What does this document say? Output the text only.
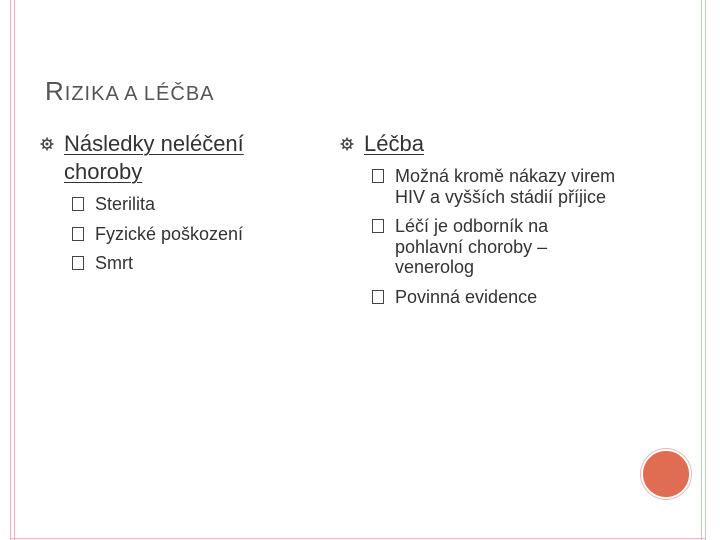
RIZIKA A LÉČBA
Následky neléčení choroby
Sterilita
Fyzické poškození
Smrt
Léčba
Možná kromě nákazy virem HIV a vyšších stádií příjice
Léčí je odborník na pohlavní choroby – venerolog
Povinná evidence
